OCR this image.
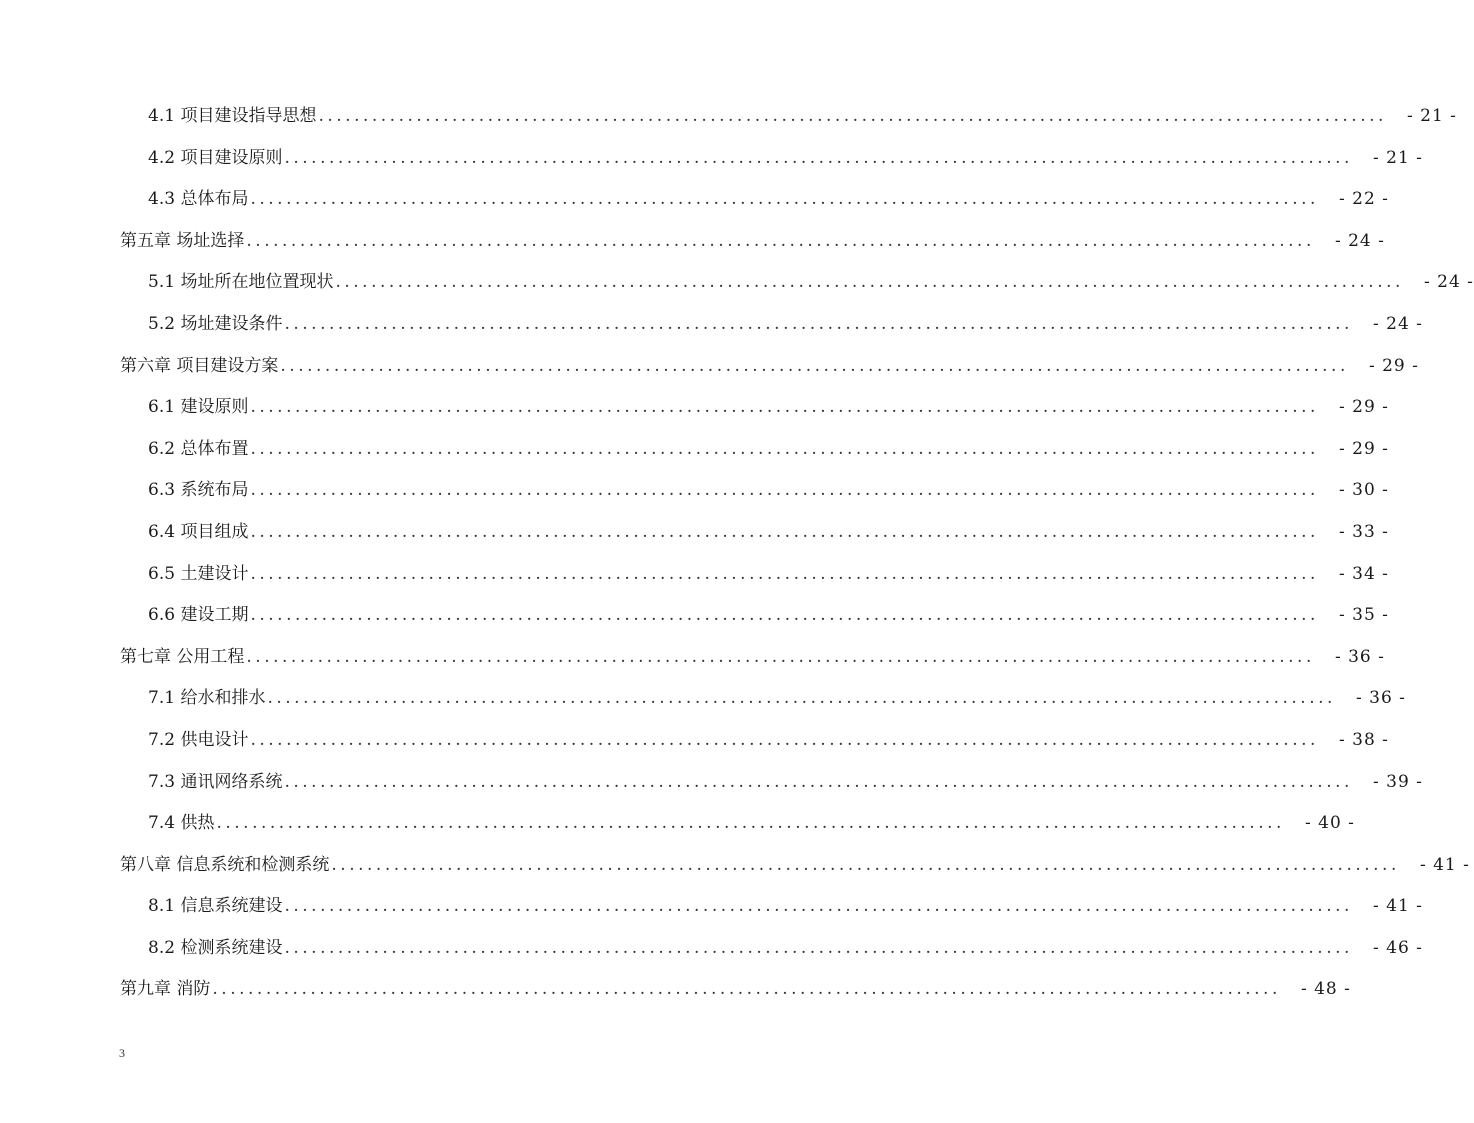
4.1 项目建设指导思想 ........................................................................................................................	- 21 -
4.2 项目建设原则 ........................................................................................................................	- 21 -
4.3 总体布局 ........................................................................................................................	- 22 -
第五章 场址选择 ........................................................................................................................	- 24 -
5.1 场址所在地位置现状 ........................................................................................................................	- 24 -
5.2 场址建设条件 ........................................................................................................................	- 24 -
第六章 项目建设方案 ........................................................................................................................	- 29 -
6.1 建设原则 ........................................................................................................................	- 29 -
6.2 总体布置 ........................................................................................................................	- 29 -
6.3 系统布局 ........................................................................................................................	- 30 -
6.4 项目组成 ........................................................................................................................	- 33 -
6.5 土建设计 ........................................................................................................................	- 34 -
6.6 建设工期 ........................................................................................................................	- 35 -
第七章 公用工程 ........................................................................................................................	- 36 -
7.1 给水和排水 ........................................................................................................................	- 36 -
7.2 供电设计 ........................................................................................................................	- 38 -
7.3 通讯网络系统 ........................................................................................................................	- 39 -
7.4 供热 ........................................................................................................................	- 40 -
第八章 信息系统和检测系统 ........................................................................................................................	- 41 -
8.1 信息系统建设 ........................................................................................................................	- 41 -
8.2 检测系统建设 ........................................................................................................................	- 46 -
第九章 消防 ........................................................................................................................	- 48 -
3
